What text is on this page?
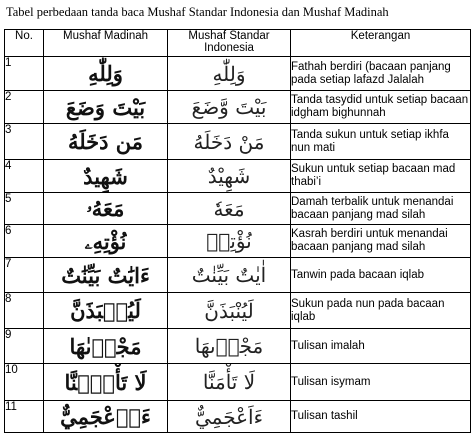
Tabel perbedaan tanda baca Mushaf Standar Indonesia dan Mushaf Madinah
No.	Mushaf Madinah	Mushaf Standar Indonesia	Keterangan
1	وَلِلّٰهِ	وَلِلّٰهِ	Fathah berdiri (bacaan panjang pada setiap lafazd Jalalah
2	بَيْتَ وَضَعَ	بَيْتَ وَّضَعَ	Tanda tasydid untuk setiap bacaan idgham bighunnah
3	مَن دَخَلَهُ	مَنْ دَخَلَهُ	Tanda sukun untuk setiap ikhfa nun mati
4	شَهِيدٌ	شَهِيْدٌ	Sukun untuk setiap bacaan mad thabi’i
5	مَعَهُۥ	مَعَهٗ	Damah terbalik untuk menandai bacaan panjang mad silah
6	نُؤْتِهِۦ	نُؤْتِهٖ	Kasrah berdiri untuk menandai bacaan panjang mad silah
7	ءَايَٰتٌ بَيِّنَٰتٌ	اٰيٰتٌ بَيِّنٰتٌ	Tanwin pada bacaan iqlab
8	لَيُنۢبَذَنَّ	لَيُنْبَذَنَّ	Sukun pada nun pada bacaan iqlab
9	مَجْرٜىٰهَا	مَجْرٖىهَا	Tulisan imalah
10	لَا تَأْمَ۫نَّا	لَا تَأْمَنَّا	Tulisan isymam
11	ءَا۬عْجَمِيٌّ	ءَاَعْجَمِيٌّ	Tulisan tashil
